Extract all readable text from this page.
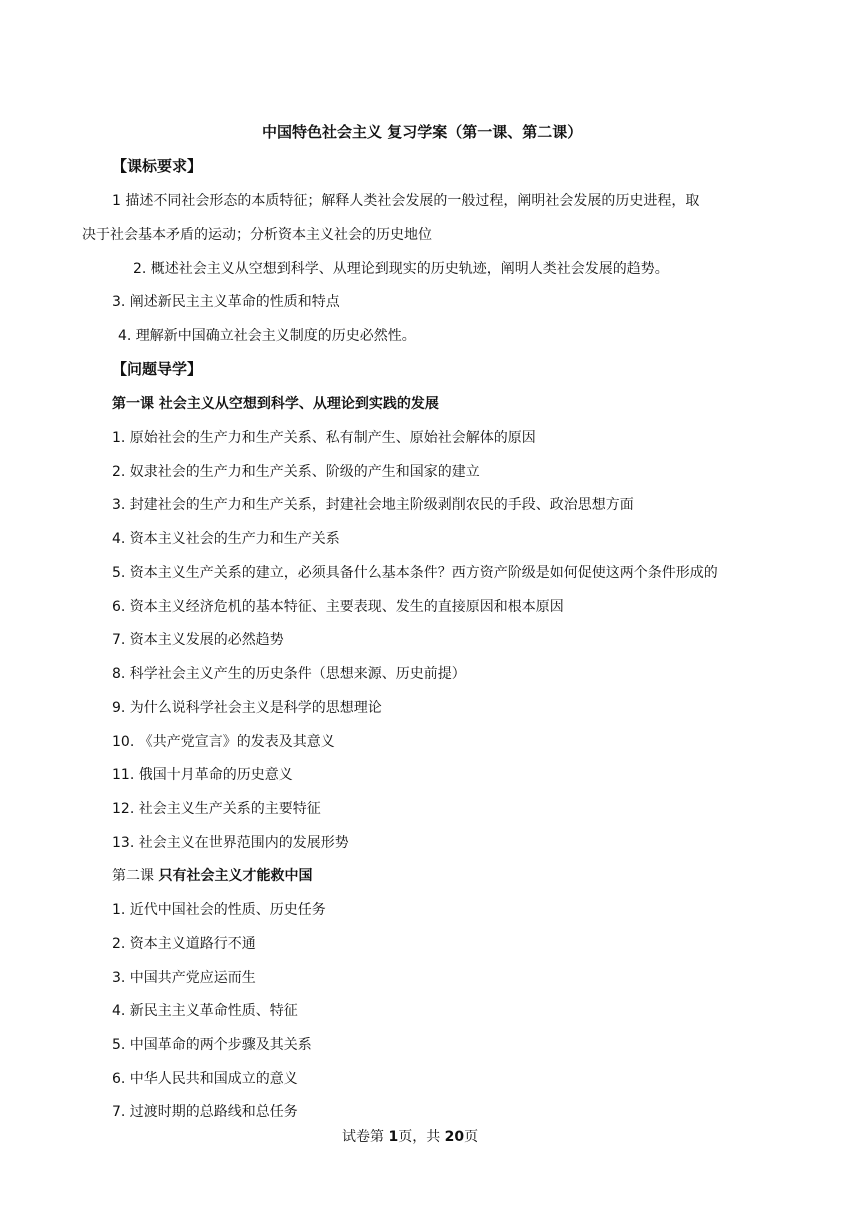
中国特色社会主义 复习学案（第一课、第二课）
【课标要求】
1 描述不同社会形态的本质特征；解释人类社会发展的一般过程，阐明社会发展的历史进程，取
决于社会基本矛盾的运动；分析资本主义社会的历史地位
2. 概述社会主义从空想到科学、从理论到现实的历史轨迹，阐明人类社会发展的趋势。
3. 阐述新民主主义革命的性质和特点
4. 理解新中国确立社会主义制度的历史必然性。
【问题导学】
第一课 社会主义从空想到科学、从理论到实践的发展
1. 原始社会的生产力和生产关系、私有制产生、原始社会解体的原因
2. 奴隶社会的生产力和生产关系、阶级的产生和国家的建立
3. 封建社会的生产力和生产关系，封建社会地主阶级剥削农民的手段、政治思想方面
4. 资本主义社会的生产力和生产关系
5. 资本主义生产关系的建立，必须具备什么基本条件？西方资产阶级是如何促使这两个条件形成的
6. 资本主义经济危机的基本特征、主要表现、发生的直接原因和根本原因
7. 资本主义发展的必然趋势
8. 科学社会主义产生的历史条件（思想来源、历史前提）
9. 为什么说科学社会主义是科学的思想理论
10. 《共产党宣言》的发表及其意义
11. 俄国十月革命的历史意义
12. 社会主义生产关系的主要特征
13. 社会主义在世界范围内的发展形势
第二课 只有社会主义才能救中国
1. 近代中国社会的性质、历史任务
2. 资本主义道路行不通
3. 中国共产党应运而生
4. 新民主主义革命性质、特征
5. 中国革命的两个步骤及其关系
6. 中华人民共和国成立的意义
7. 过渡时期的总路线和总任务
试卷第 1页，共 20页
